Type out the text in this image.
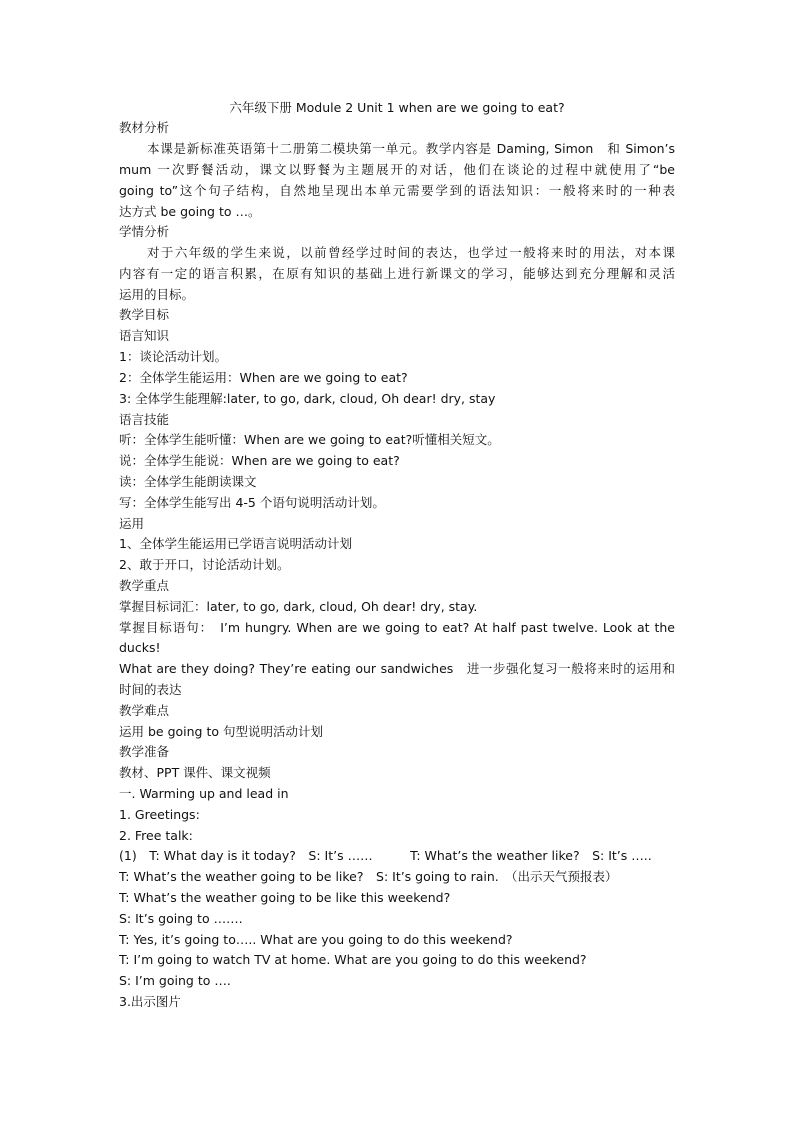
六年级下册 Module 2 Unit 1 when are we going to eat?
教材分析
本课是新标准英语第十二册第二模块第一单元。教学内容是 Daming, Simon　和 Simon’s
mum 一次野餐活动，课文以野餐为主题展开的对话，他们在谈论的过程中就使用了“be
going to”这个句子结构，自然地呈现出本单元需要学到的语法知识：一般将来时的一种表
达方式 be going to …。
学情分析
对于六年级的学生来说，以前曾经学过时间的表达，也学过一般将来时的用法，对本课
内容有一定的语言积累，在原有知识的基础上进行新课文的学习，能够达到充分理解和灵活
运用的目标。
教学目标
语言知识
1：谈论活动计划。
2：全体学生能运用：When are we going to eat?
3: 全体学生能理解:later, to go, dark, cloud, Oh dear! dry, stay
语言技能
听：全体学生能听懂：When are we going to eat?听懂相关短文。
说：全体学生能说：When are we going to eat?
读：全体学生能朗读课文
写：全体学生能写出 4-5 个语句说明活动计划。
运用
1、全体学生能运用已学语言说明活动计划
2、敢于开口，讨论活动计划。
教学重点
掌握目标词汇：later, to go, dark, cloud, Oh dear! dry, stay.
掌握目标语句：　I’m hungry. When are we going to eat? At half past twelve. Look at the
ducks!
What are they doing? They’re eating our sandwiches　进一步强化复习一般将来时的运用和
时间的表达
教学难点
运用 be going to 句型说明活动计划
教学准备
教材、PPT 课件、课文视频
一. Warming up and lead in
1. Greetings:
2. Free talk:
(1)　T: What day is it today?　S: It’s ……　　　T: What’s the weather like?　S: It’s …..
T: What’s the weather going to be like?　S: It’s going to rain.　（出示天气预报表）
T: What’s the weather going to be like this weekend?
S: It’s going to …….
T: Yes, it’s going to….. What are you going to do this weekend?
T: I’m going to watch TV at home. What are you going to do this weekend?
S: I’m going to ….
3.出示图片
